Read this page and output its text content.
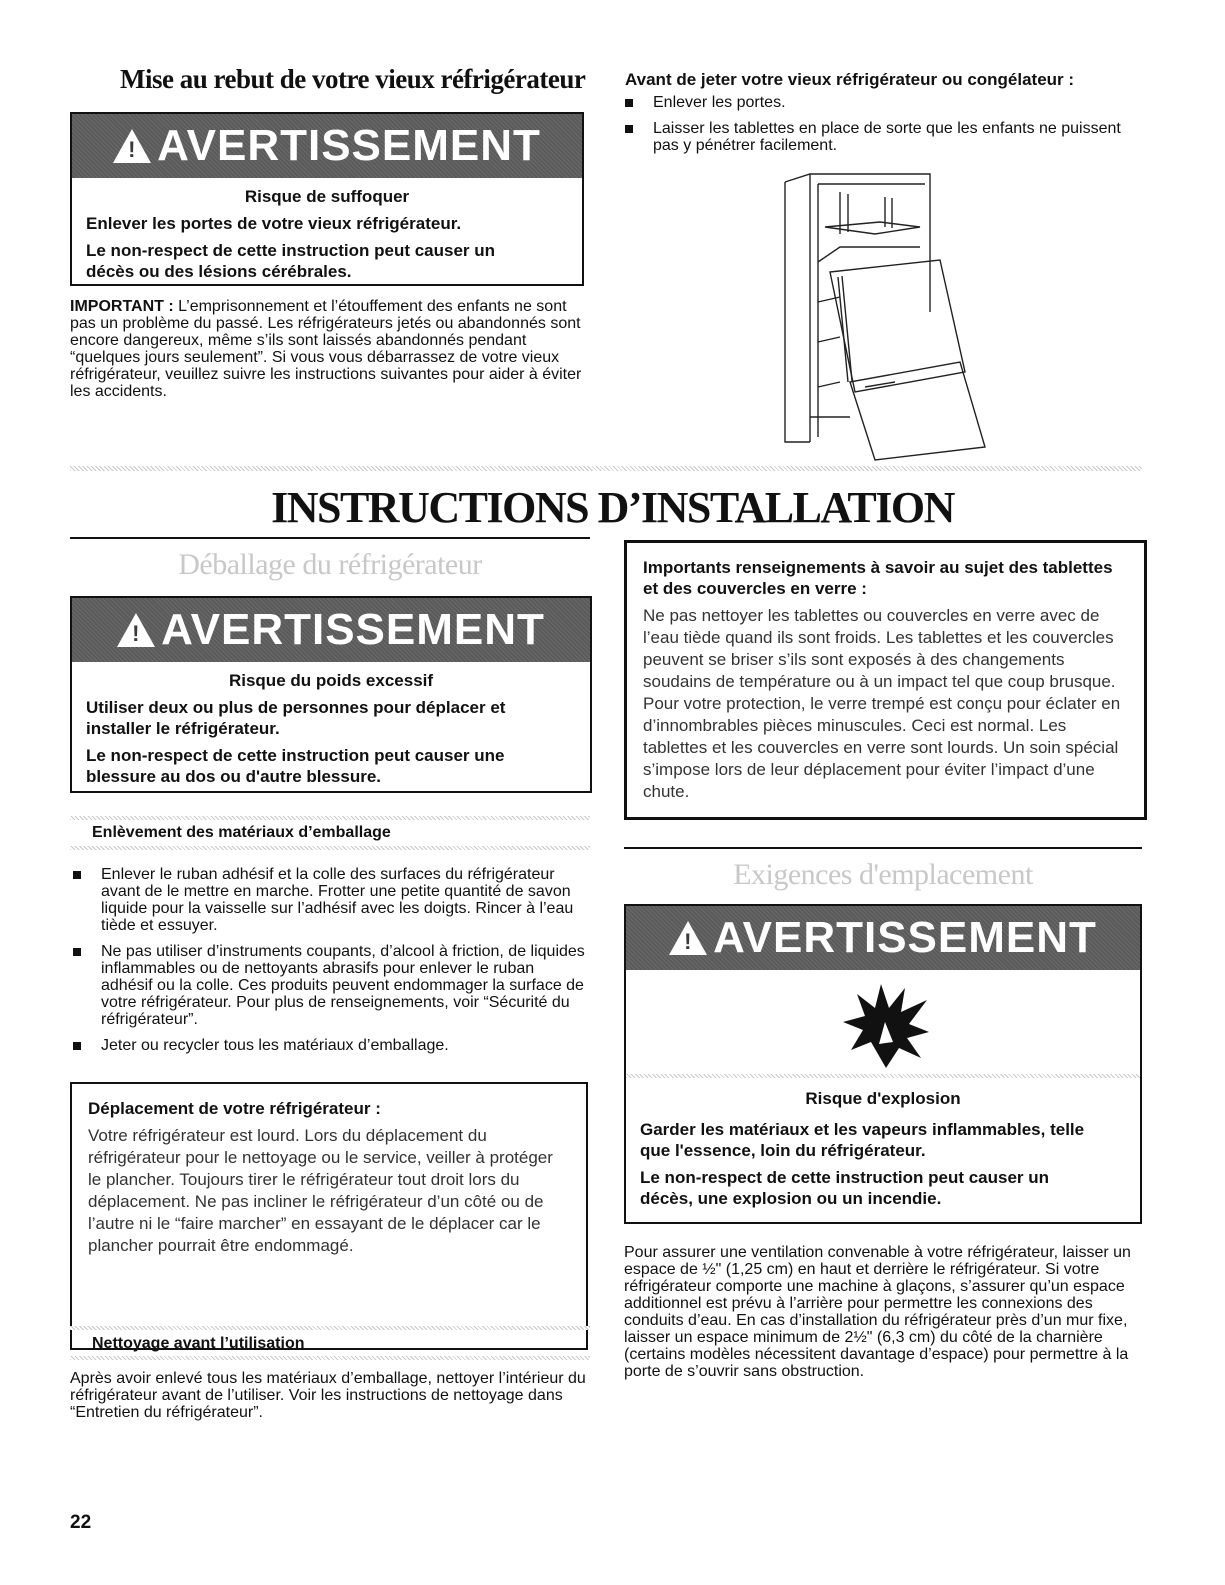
Mise au rebut de votre vieux réfrigérateur
!
AVERTISSEMENT
Risque de suffoquer

Enlever les portes de votre vieux réfrigérateur.

Le non-respect de cette instruction peut causer un décès ou des lésions cérébrales.

IMPORTANT : L’emprisonnement et l’étouffement des enfants ne sont pas un problème du passé. Les réfrigérateurs jetés ou abandonnés sont encore dangereux, même s’ils sont laissés abandonnés pendant “quelques jours seulement”. Si vous vous débarrassez de votre vieux réfrigérateur, veuillez suivre les instructions suivantes pour aider à éviter les accidents.
Avant de jeter votre vieux réfrigérateur ou congélateur :
Enlever les portes.
Laisser les tablettes en place de sorte que les enfants ne puissent pas y pénétrer facilement.
INSTRUCTIONS D’INSTALLATION
Déballage du réfrigérateur
!
AVERTISSEMENT
Risque du poids excessif

Utiliser deux ou plus de personnes pour déplacer et installer le réfrigérateur.

Le non-respect de cette instruction peut causer une blessure au dos ou d'autre blessure.

Enlèvement des matériaux d’emballage
Enlever le ruban adhésif et la colle des surfaces du réfrigérateur avant de le mettre en marche. Frotter une petite quantité de savon liquide pour la vaisselle sur l’adhésif avec les doigts. Rincer à l’eau tiède et essuyer.
Ne pas utiliser d’instruments coupants, d’alcool à friction, de liquides inflammables ou de nettoyants abrasifs pour enlever le ruban adhésif ou la colle. Ces produits peuvent endommager la surface de votre réfrigérateur. Pour plus de renseignements, voir “Sécurité du réfrigérateur”.
Jeter ou recycler tous les matériaux d’emballage.
Déplacement de votre réfrigérateur :
Votre réfrigérateur est lourd. Lors du déplacement du réfrigérateur pour le nettoyage ou le service, veiller à protéger le plancher. Toujours tirer le réfrigérateur tout droit lors du déplacement. Ne pas incliner le réfrigérateur d’un côté ou de l’autre ni le “faire marcher” en essayant de le déplacer car le plancher pourrait être endommagé.
Nettoyage avant l’utilisation
Après avoir enlevé tous les matériaux d’emballage, nettoyer l’intérieur du réfrigérateur avant de l’utiliser. Voir les instructions de nettoyage dans “Entretien du réfrigérateur”.
Importants renseignements à savoir au sujet des tablettes et des couvercles en verre :
Ne pas nettoyer les tablettes ou couvercles en verre avec de l’eau tiède quand ils sont froids. Les tablettes et les couvercles peuvent se briser s’ils sont exposés à des changements soudains de température ou à un impact tel que coup brusque. Pour votre protection, le verre trempé est conçu pour éclater en d’innombrables pièces minuscules. Ceci est normal. Les tablettes et les couvercles en verre sont lourds. Un soin spécial s’impose lors de leur déplacement pour éviter l’impact d’une chute.
Exigences d'emplacement
!
AVERTISSEMENT
Risque d'explosion

Garder les matériaux et les vapeurs inflammables, telle que l'essence, loin du réfrigérateur.

Le non-respect de cette instruction peut causer un décès, une explosion ou un incendie.

Pour assurer une ventilation convenable à votre réfrigérateur, laisser un espace de ½" (1,25 cm) en haut et derrière le réfrigérateur. Si votre réfrigérateur comporte une machine à glaçons, s’assurer qu’un espace additionnel est prévu à l’arrière pour permettre les connexions des conduits d’eau. En cas d’installation du réfrigérateur près d’un mur fixe, laisser un espace minimum de 2½" (6,3 cm) du côté de la charnière (certains modèles nécessitent davantage d’espace) pour permettre à la porte de s’ouvrir sans obstruction.
22
